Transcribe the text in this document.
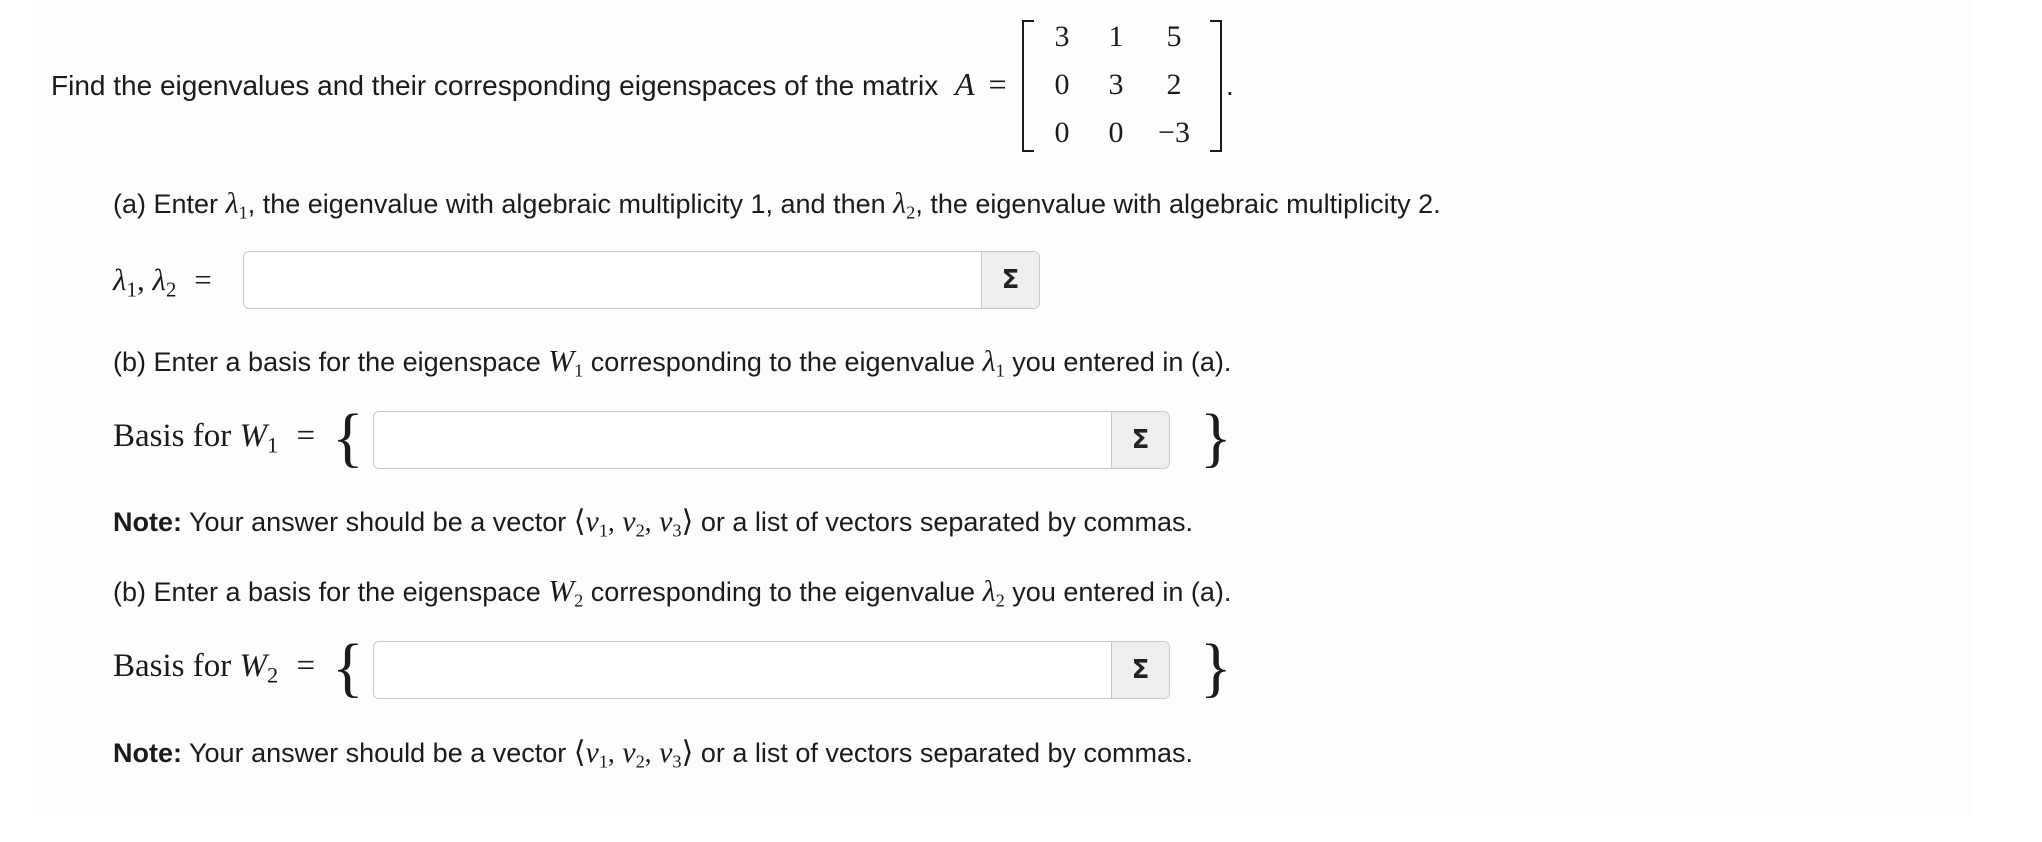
Find the eigenvalues and their corresponding eigenspaces of the matrix A =
3	1	5
0	3	2
0	0	−3
.
(a) Enter $\lambda_1$, the eigenvalue with algebraic multiplicity 1, and then $\lambda_2$, the eigenvalue with algebraic multiplicity 2.
$\lambda_1$, $\lambda_2$ =	Σ
(b) Enter a basis for the eigenspace $W_1$ corresponding to the eigenvalue $\lambda_1$ you entered in (a).
Basis for $W_1$ = {	Σ }
Note: Your answer should be a vector $⟨v_1$, $v_2$, $v_3⟩$ or a list of vectors separated by commas.
(b) Enter a basis for the eigenspace $W_2$ corresponding to the eigenvalue $\lambda_2$ you entered in (a).
Basis for $W_2$ = {	Σ }
Note: Your answer should be a vector $⟨v_1$, $v_2$, $v_3⟩$ or a list of vectors separated by commas.
